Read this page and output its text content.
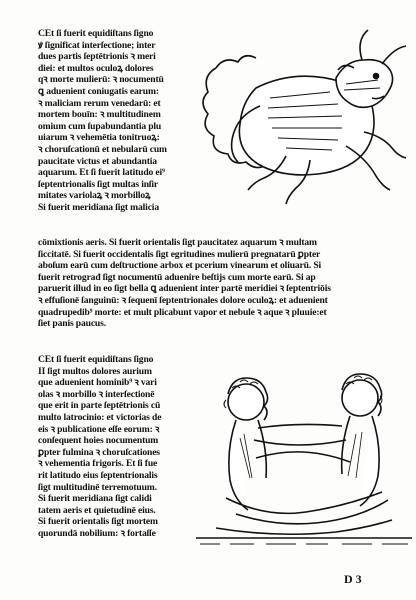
CEt ſi fuerit equidiſtans ſigno
ꝟ ſignificat interſectione; inter
dues partis ſeptētrionis ꝛ meri
diei: et multos oculoꝝ dolores
qꝛ morte mulierū: ꝛ nocumentū
ꝗ aduenient coniugatis earum:
ꝛ maliciam rerum venedarū: et
mortem bouīn: ꝛ multitudinem
omium cum ſupabundantia plu
uiarum ꝛ vehemētia tonitruoꝝ:
ꝛ choruſcationū et nebularū cum
paucitate victus et abundantia
aquarum. Et ſi fuerit latitudo ei⁹
ſeptentrionalis ſigt multas inſir
mitates variolaꝝ ꝛ morbilloꝝ
Si fuerit meridiana ſigt malicia
cōmixtionis aeris. Si fuerit orientalis ſigt paucitatez aquarum ꝛ multam
ſiccitatē. Si fuerit occidentalis ſigt egritudines mulierū pregnatarū ꝑpter
aboſum earū cum deſtructione arbox et pcerium vinearum et oliuarū. Si
fuerit retrograđ ſigt nocumentū aduenire beſtijs cum morte earū. Si ap
paruerit illud in eo ſigt bella ꝗ aduenient inter partē meridiei ꝛ ſeptentriōis
ꝛ effuſionē ſanguinū: ꝛ ſequenī ſeptentrionales dolore oculoꝝ: et aduenient
quadrupedib⁹ morte: et mult plicabunt vapor et nebule ꝛ aque ꝛ pluuie:et
ſiet panis paucus.
CEt ſi fuerit equidiſtans ſigno
II ſigt multos dolores aurium
que aduenient hominib⁹ ꝛ vari
olas ꝛ morbillo ꝛ interſectionē
que erit in parte ſeptētrionis cū
multo latrocinio: et victorias de
eis ꝛ publicatione eſſe eorum: ꝛ
conſequent hoies nocumentum
ꝑpter fulmina ꝛ choruſcationes
ꝛ vehementia frigoris. Et ſi fue
rit latitudo eius ſeptentrionalis
ſigt multitudinē terremotuum.
Si fuerit meridiana ſigt calidi
tatem aeris et quietudinē eius.
Si fuerit orientalis ſigt mortem
quorundā nobilium: ꝛ fortaſſe
D 3
